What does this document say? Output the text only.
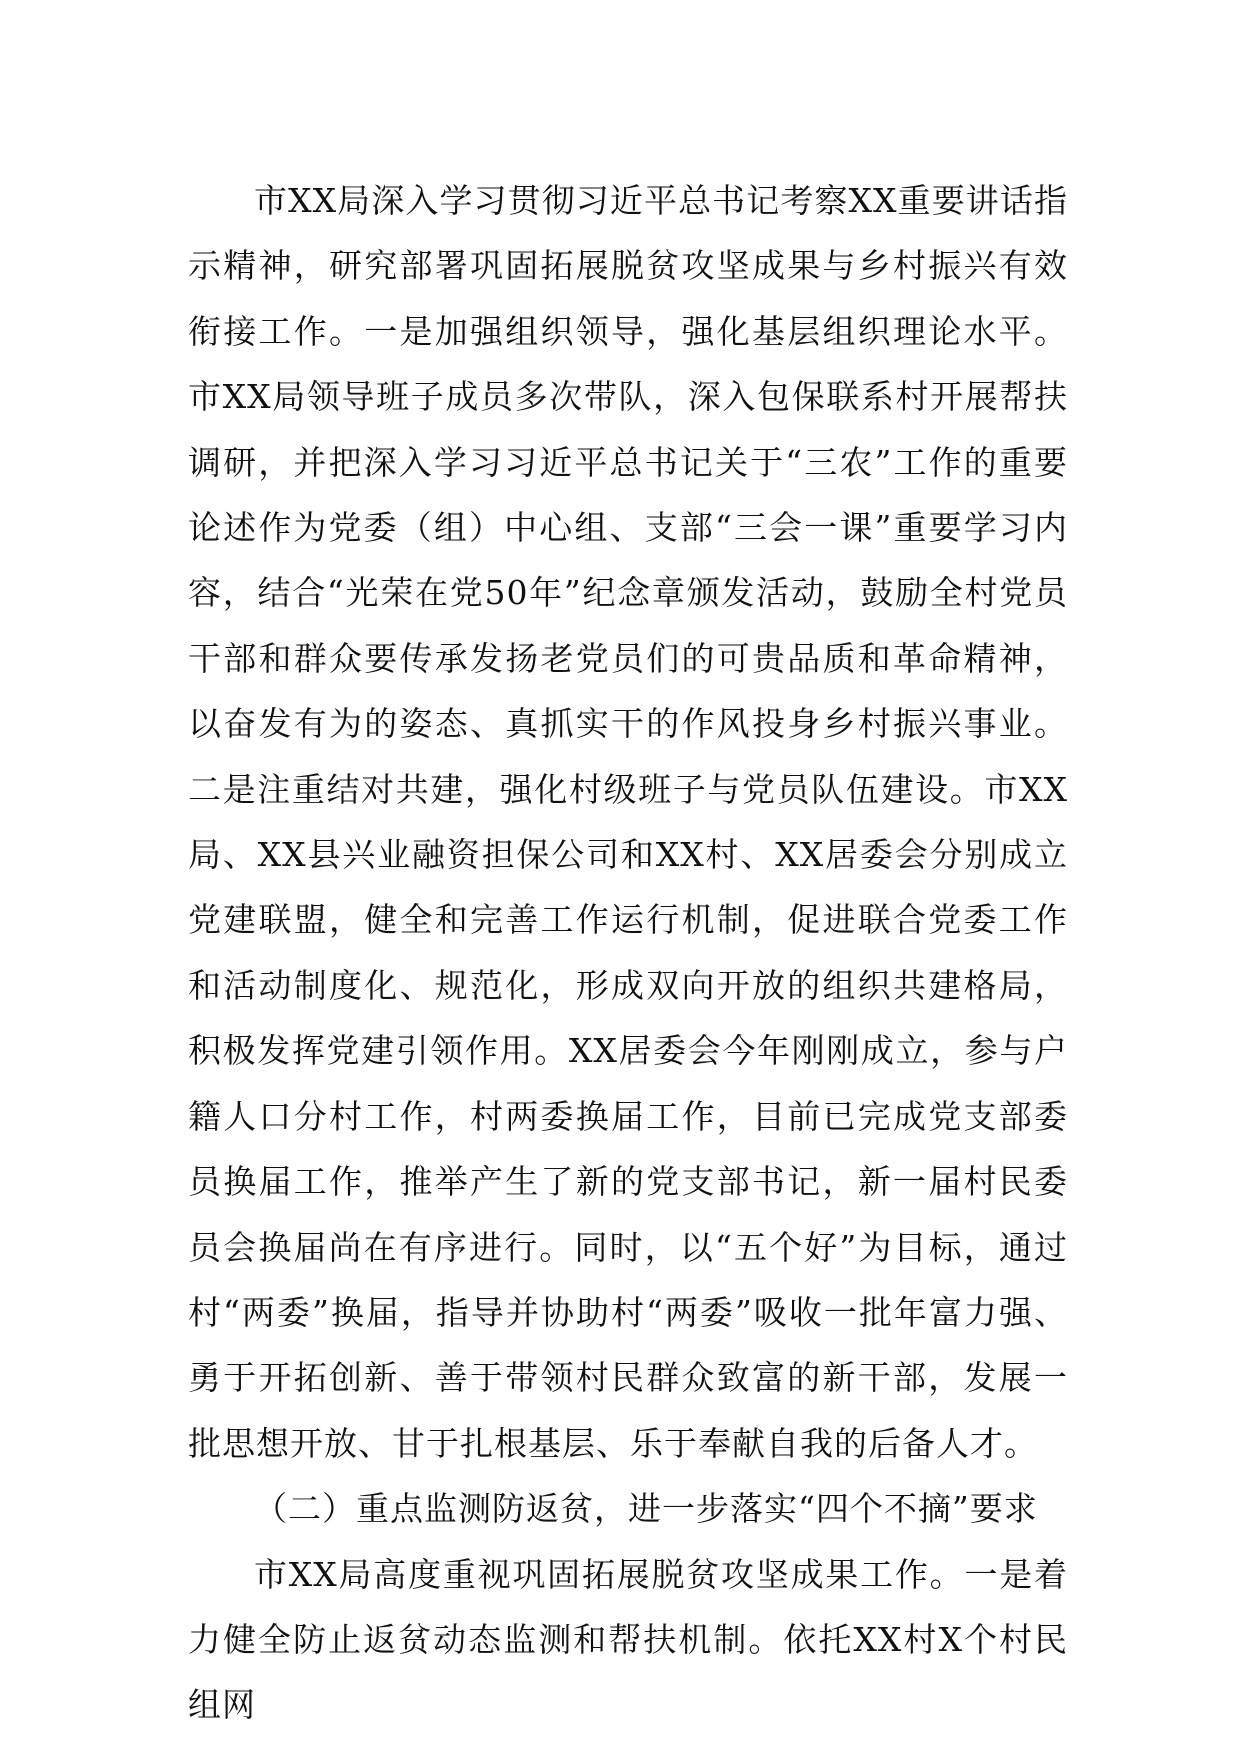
市XX局深入学习贯彻习近平总书记考察XX重要讲话指示精神，研究部署巩固拓展脱贫攻坚成果与乡村振兴有效衔接工作。一是加强组织领导，强化基层组织理论水平。市XX局领导班子成员多次带队，深入包保联系村开展帮扶调研，并把深入学习习近平总书记关于“三农”工作的重要论述作为党委（组）中心组、支部“三会一课”重要学习内容，结合“光荣在党50年”纪念章颁发活动，鼓励全村党员干部和群众要传承发扬老党员们的可贵品质和革命精神，以奋发有为的姿态、真抓实干的作风投身乡村振兴事业。二是注重结对共建，强化村级班子与党员队伍建设。市XX局、XX县兴业融资担保公司和XX村、XX居委会分别成立党建联盟，健全和完善工作运行机制，促进联合党委工作和活动制度化、规范化，形成双向开放的组织共建格局，积极发挥党建引领作用。XX居委会今年刚刚成立，参与户籍人口分村工作，村两委换届工作，目前已完成党支部委员换届工作，推举产生了新的党支部书记，新一届村民委员会换届尚在有序进行。同时，以“五个好”为目标，通过村“两委”换届，指导并协助村“两委”吸收一批年富力强、勇于开拓创新、善于带领村民群众致富的新干部，发展一批思想开放、甘于扎根基层、乐于奉献自我的后备人才。

（二）重点监测防返贫，进一步落实“四个不摘”要求

市XX局高度重视巩固拓展脱贫攻坚成果工作。一是着力健全防止返贫动态监测和帮扶机制。依托XX村X个村民组网
